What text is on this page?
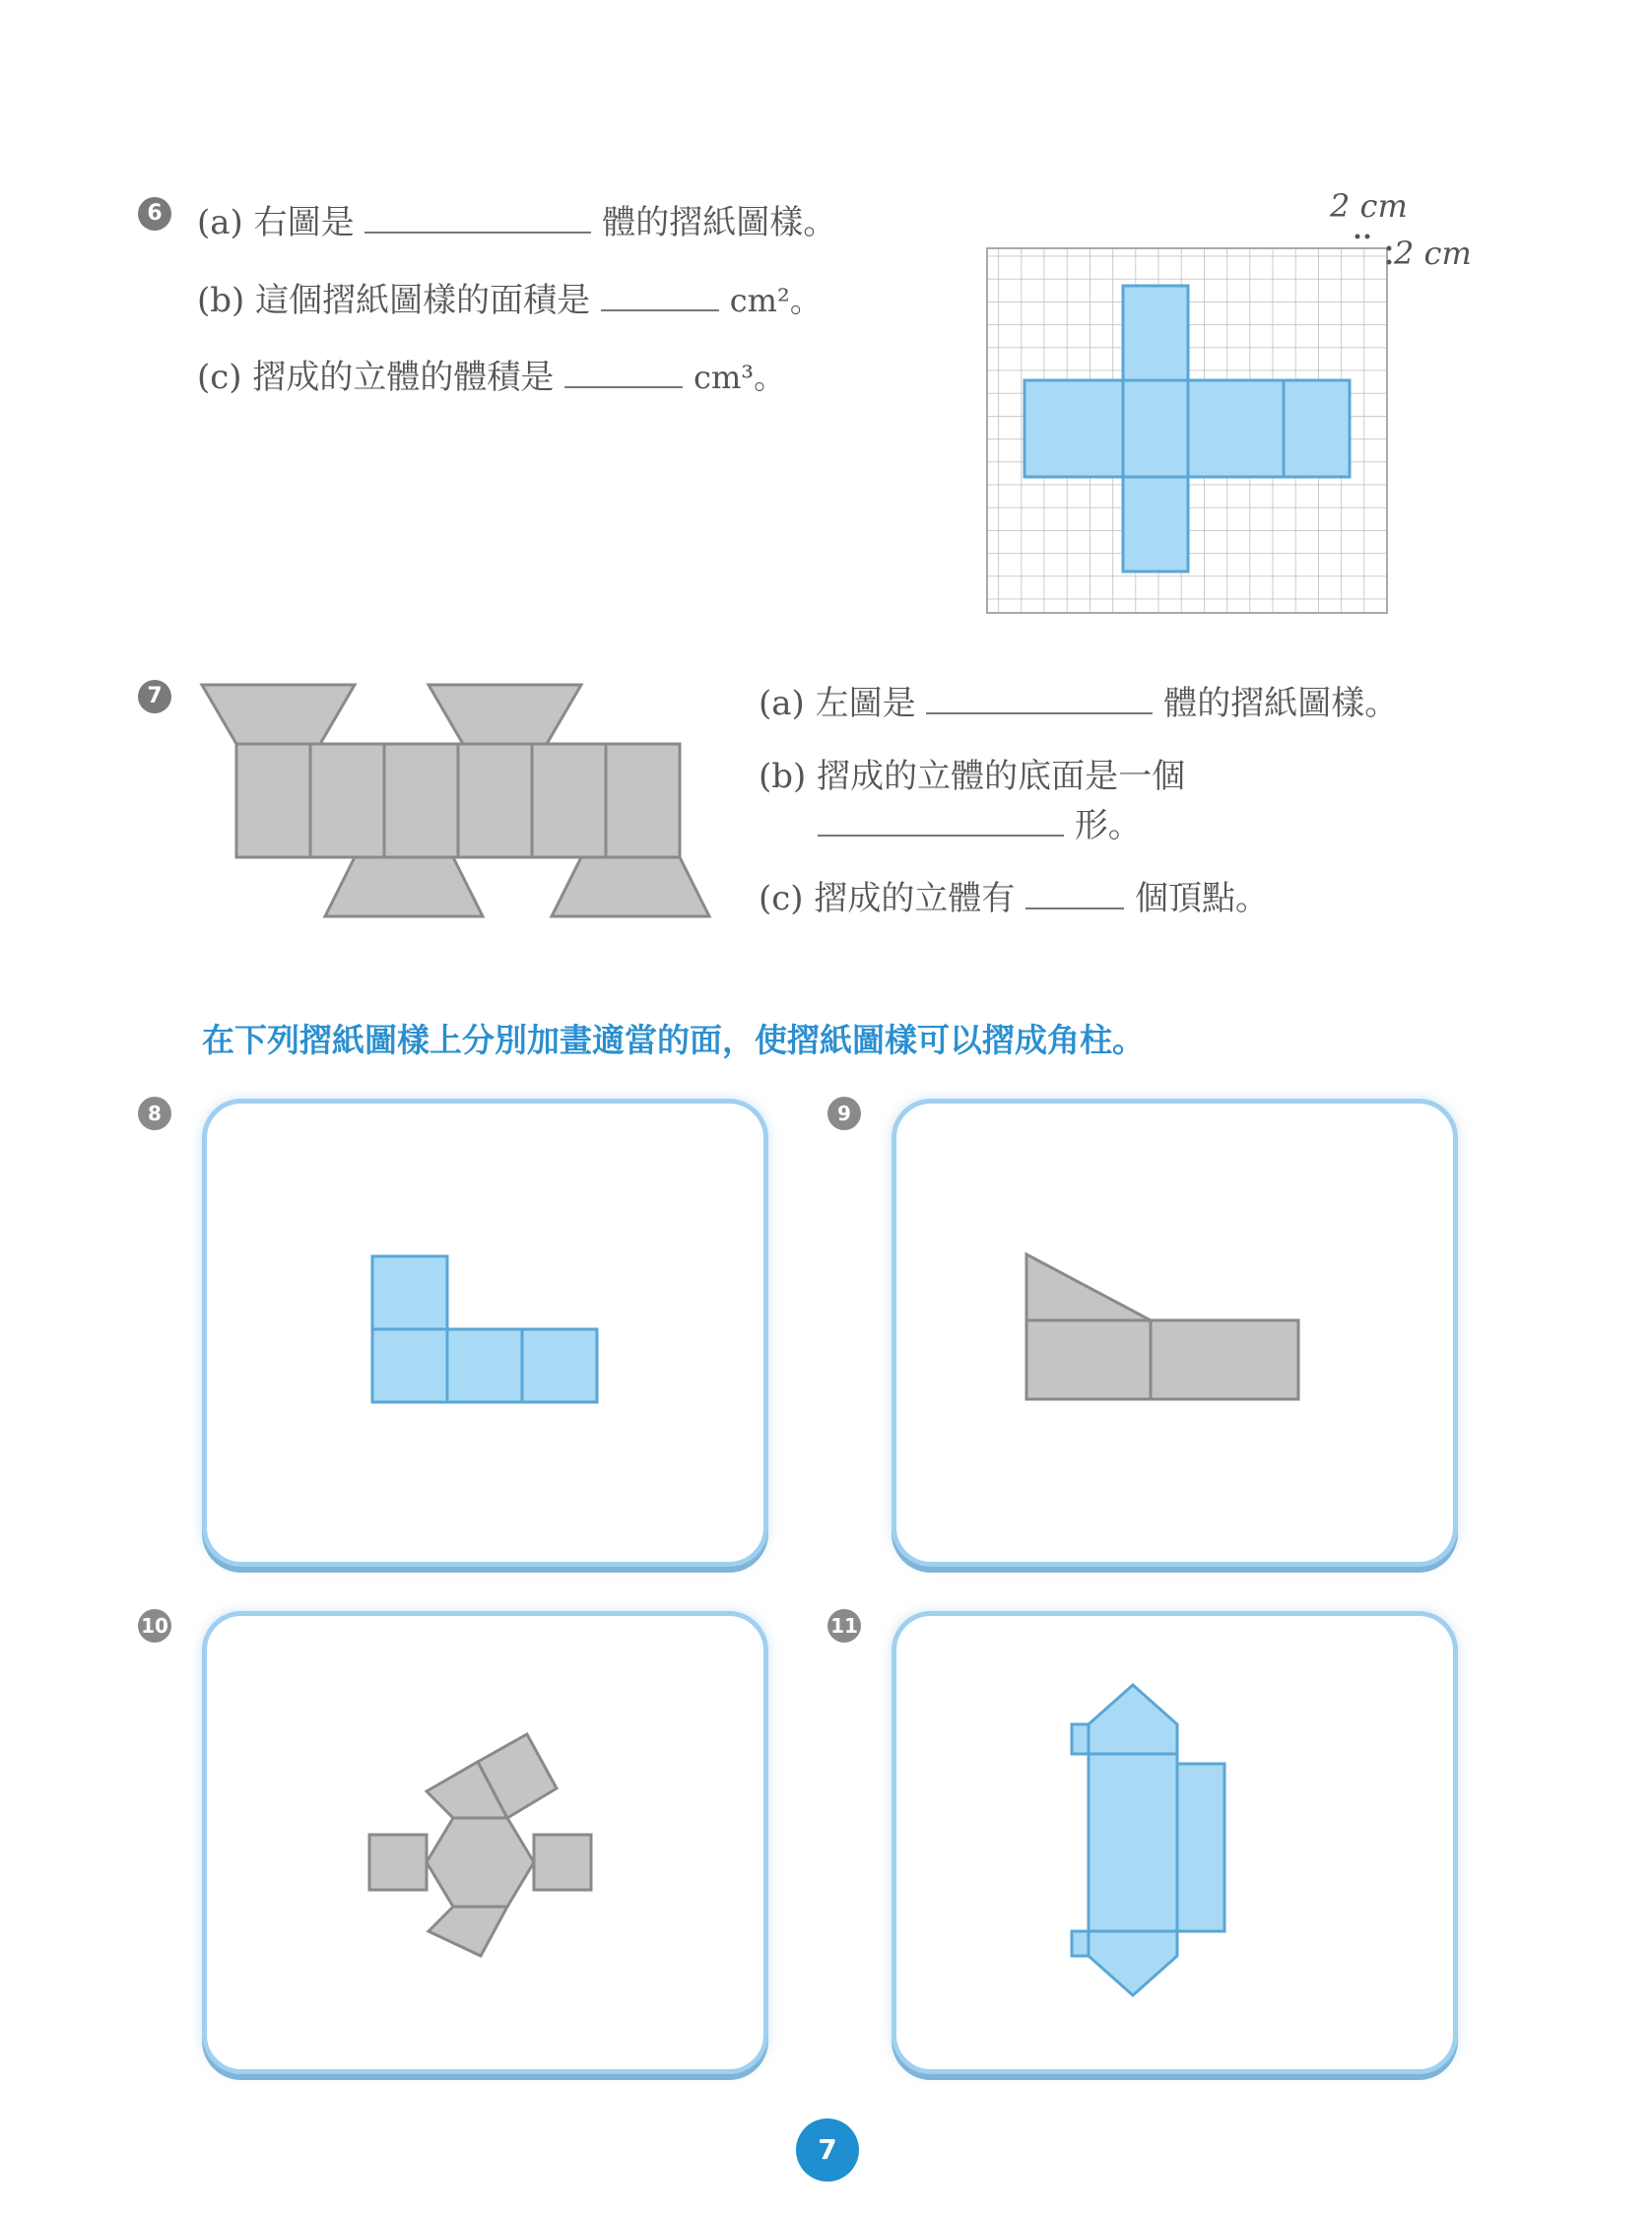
6 (a) 右圖是	體的摺紙圖樣。
(b) 這個摺紙圖樣的面積是	cm²。
(c) 摺成的立體的體積是	cm³。
2 cm
2 cm
7	(a) 左圖是	體的摺紙圖樣。
(b) 摺成的立體的底面是一個
形。
(c) 摺成的立體有	個頂點。
在下列摺紙圖樣上分別加畫適當的面，使摺紙圖樣可以摺成角柱。
8	9
10	11
7
